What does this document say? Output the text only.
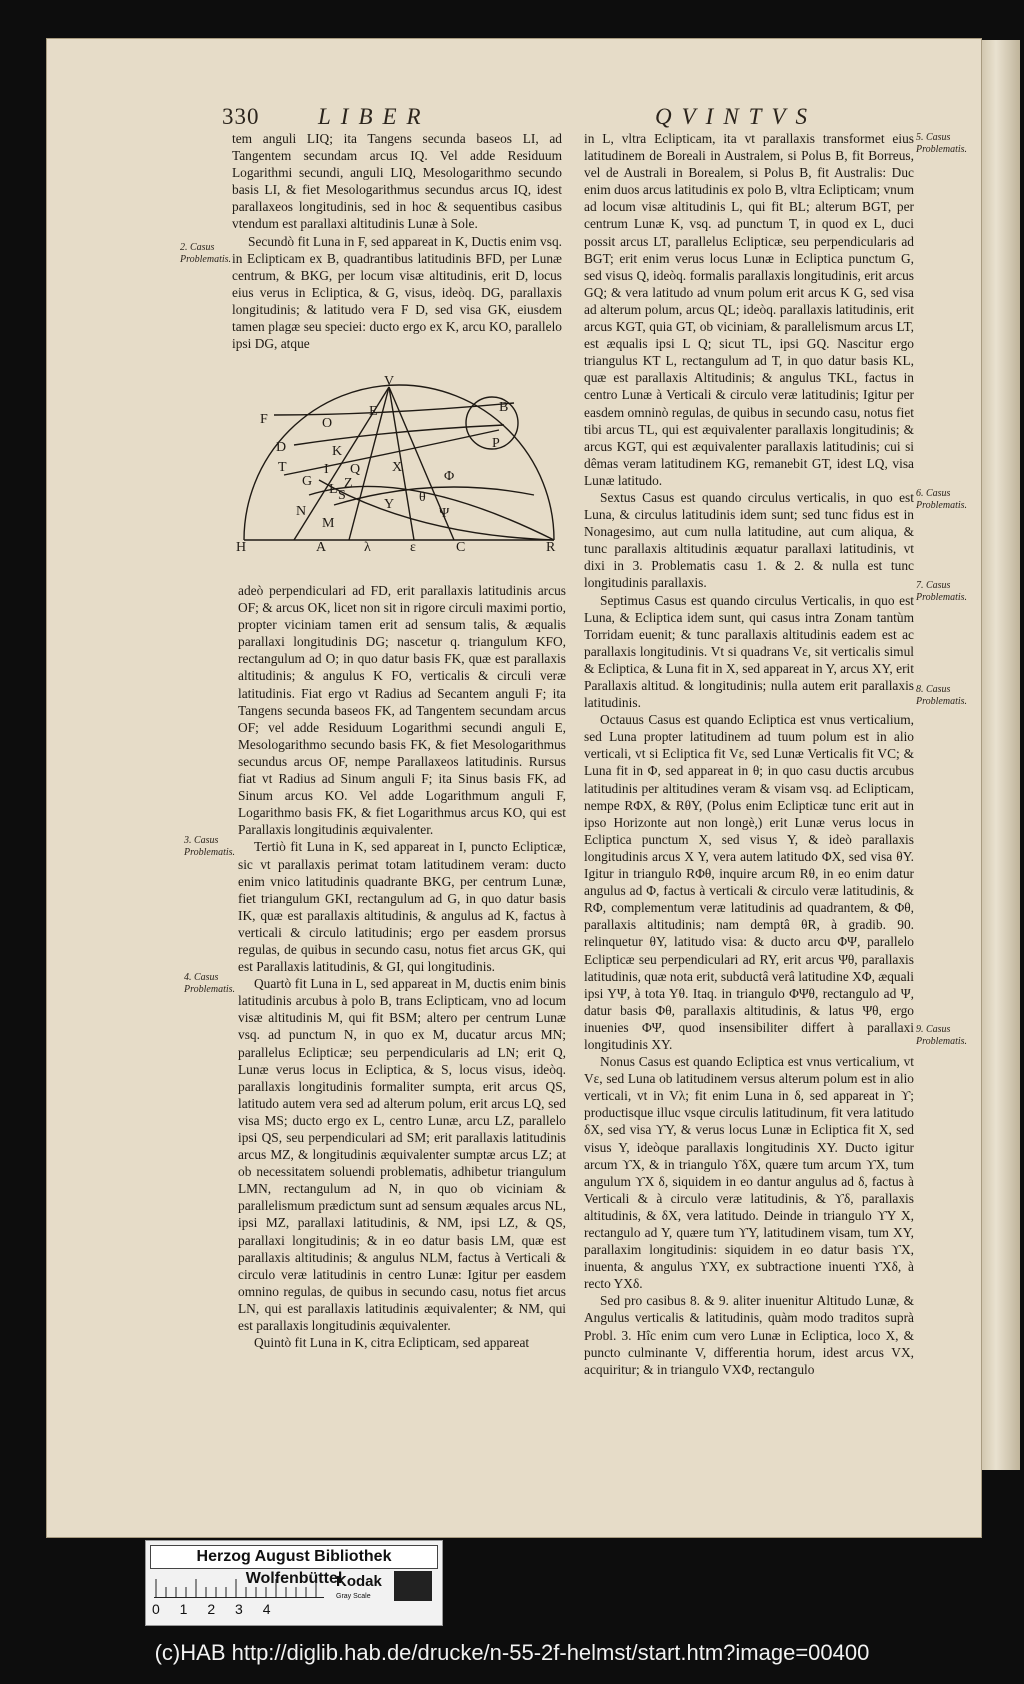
330	LIBER	QVINTVS

tem anguli LIQ; ita Tangens secunda baseos LI, ad Tangentem secundam arcus IQ. Vel adde Residuum Logarithmi secundi, anguli LIQ, Mesologarithmo secundo basis LI, & fiet Mesologarithmus secundus arcus IQ, idest parallaxeos longitudinis, sed in hoc & sequentibus casibus vtendum est parallaxi altitudinis Lunæ à Sole.

Secundò fit Luna in F, sed appareat in K, Ductis enim vsq. in Eclipticam ex B, quadrantibus latitudinis BFD, per Lunæ centrum, & BKG, per locum visæ altitudinis, erit D, locus eius verus in Ecliptica, & G, visus, ideòq. DG, parallaxis longitudinis; & latitudo vera F D, sed visa GK, eiusdem tamen plagæ seu speciei: ducto ergo ex K, arcu KO, parallelo ipsi DG, atque

V
B
F	O
E
D	K
P
T	I
G
X
Q
Z
L
N
M
S
Y
Φ
Ψ
θ
H	A	λ	ε	C	R

adeò perpendiculari ad FD, erit parallaxis latitudinis arcus OF; & arcus OK, licet non sit in rigore circuli maximi portio, propter viciniam tamen erit ad sensum talis, & æqualis parallaxi longitudinis DG; nascetur q. triangulum KFO, rectangulum ad O; in quo datur basis FK, quæ est parallaxis altitudinis; & angulus K FO, verticalis & circuli veræ latitudinis. Fiat ergo vt Radius ad Secantem anguli F; ita Tangens secunda baseos FK, ad Tangentem secundam arcus OF; vel adde Residuum Logarithmi secundi anguli E, Mesologarithmo secundo basis FK, & fiet Mesologarithmus secundus arcus OF, nempe Parallaxeos latitudinis. Rursus fiat vt Radius ad Sinum anguli F; ita Sinus basis FK, ad Sinum arcus KO. Vel adde Logarithmum anguli F, Logarithmo basis FK, & fiet Logarithmus arcus KO, qui est Parallaxis longitudinis æquivalenter.

Tertiò fit Luna in K, sed appareat in I, puncto Eclipticæ, sic vt parallaxis perimat totam latitudinem veram: ducto enim vnico latitudinis quadrante BKG, per centrum Lunæ, fiet triangulum GKI, rectangulum ad G, in quo datur basis IK, quæ est parallaxis altitudinis, & angulus ad K, factus à verticali & circulo latitudinis; ergo per easdem prorsus regulas, de quibus in secundo casu, notus fiet arcus GK, qui est Parallaxis latitudinis, & GI, qui longitudinis.

Quartò fit Luna in L, sed appareat in M, ductis enim binis latitudinis arcubus à polo B, trans Eclipticam, vno ad locum visæ altitudinis M, qui fit BSM; altero per centrum Lunæ vsq. ad punctum N, in quo ex M, ducatur arcus MN; parallelus Eclipticæ; seu perpendicularis ad LN; erit Q, Lunæ verus locus in Ecliptica, & S, locus visus, ideòq. parallaxis longitudinis formaliter sumpta, erit arcus QS, latitudo autem vera sed ad alterum polum, erit arcus LQ, sed visa MS; ducto ergo ex L, centro Lunæ, arcu LZ, parallelo ipsi QS, seu perpendiculari ad SM; erit parallaxis latitudinis arcus MZ, & longitudinis æquivalenter sumptæ arcus LZ; at ob necessitatem soluendi problematis, adhibetur triangulum LMN, rectangulum ad N, in quo ob viciniam & parallelismum prædictum sunt ad sensum æquales arcus NL, ipsi MZ, parallaxi latitudinis, & NM, ipsi LZ, & QS, parallaxi longitudinis; & in eo datur basis LM, quæ est parallaxis altitudinis; & angulus NLM, factus à Verticali & circulo veræ latitudinis in centro Lunæ: Igitur per easdem omnino regulas, de quibus in secundo casu, notus fiet arcus LN, qui est parallaxis latitudinis æquivalenter; & NM, qui est parallaxis longitudinis æquivalenter.

Quintò fit Luna in K, citra Eclipticam, sed appareat

2. Casus Problematis.
3. Casus Problematis.
4. Casus Problematis.

in L, vltra Eclipticam, ita vt parallaxis transformet eius latitudinem de Boreali in Australem, si Polus B, fit Borreus, vel de Australi in Borealem, si Polus B, fit Australis: Duc enim duos arcus latitudinis ex polo B, vltra Eclipticam; vnum ad locum visæ altitudinis L, qui fit BL; alterum BGT, per centrum Lunæ K, vsq. ad punctum T, in quod ex L, duci possit arcus LT, parallelus Eclipticæ, seu perpendicularis ad BGT; erit enim verus locus Lunæ in Ecliptica punctum G, sed visus Q, ideòq. formalis parallaxis longitudinis, erit arcus GQ; & vera latitudo ad vnum polum erit arcus K G, sed visa ad alterum polum, arcus QL; ideòq. parallaxis latitudinis, erit arcus KGT, quia GT, ob viciniam, & parallelismum arcus LT, est æqualis ipsi L Q; sicut TL, ipsi GQ. Nascitur ergo triangulus KT L, rectangulum ad T, in quo datur basis KL, quæ est parallaxis Altitudinis; & angulus TKL, factus in centro Lunæ à Verticali & circulo veræ latitudinis; Igitur per easdem omninò regulas, de quibus in secundo casu, notus fiet tibi arcus TL, qui est æquivalenter parallaxis longitudinis; & arcus KGT, qui est æquivalenter parallaxis latitudinis; cui si dêmas veram latitudinem KG, remanebit GT, idest LQ, visa Lunæ latitudo.

Sextus Casus est quando circulus verticalis, in quo est Luna, & circulus latitudinis idem sunt; sed tunc fidus est in Nonagesimo, aut cum nulla latitudine, aut cum aliqua, & tunc parallaxis altitudinis æquatur parallaxi latitudinis, vt dixi in 3. Problematis casu 1. & 2. & nulla est tunc longitudinis parallaxis.

Septimus Casus est quando circulus Verticalis, in quo est Luna, & Ecliptica idem sunt, qui casus intra Zonam tantùm Torridam euenit; & tunc parallaxis altitudinis eadem est ac parallaxis longitudinis. Vt si quadrans Vε, sit verticalis simul & Ecliptica, & Luna fit in X, sed appareat in Y, arcus XY, erit Parallaxis altitud. & longitudinis; nulla autem erit parallaxis latitudinis.

Octauus Casus est quando Ecliptica est vnus verticalium, sed Luna propter latitudinem ad tuum polum est in alio verticali, vt si Ecliptica fit Vε, sed Lunæ Verticalis fit VC; & Luna fit in Φ, sed appareat in θ; in quo casu ductis arcubus latitudinis per altitudines veram & visam vsq. ad Eclipticam, nempe RΦX, & RθY, (Polus enim Eclipticæ tunc erit aut in ipso Horizonte aut non longè,) erit Lunæ verus locus in Ecliptica punctum X, sed visus Y, & ideò parallaxis longitudinis arcus X Y, vera autem latitudo ΦX, sed visa θY. Igitur in triangulo RΦθ, inquire arcum Rθ, in eo enim datur angulus ad Φ, factus à verticali & circulo veræ latitudinis, & RΦ, complementum veræ latitudinis ad quadrantem, & Φθ, parallaxis altitudinis; nam demptâ θR, à gradib. 90. relinquetur θY, latitudo visa: & ducto arcu ΦΨ, parallelo Eclipticæ seu perpendiculari ad RY, erit arcus Ψθ, parallaxis latitudinis, quæ nota erit, subductâ verâ latitudine XΦ, æquali ipsi YΨ, à tota Yθ. Itaq. in triangulo ΦΨθ, rectangulo ad Ψ, datur basis Φθ, parallaxis altitudinis, & latus Ψθ, ergo inuenies ΦΨ, quod insensibiliter differt à parallaxi longitudinis XY.

Nonus Casus est quando Ecliptica est vnus verticalium, vt Vε, sed Luna ob latitudinem versus alterum polum est in alio verticali, vt in Vλ; fit enim Luna in δ, sed appareat in ϒ; productisque illuc vsque circulis latitudinum, fit vera latitudo δX, sed visa ϒY, & verus locus Lunæ in Ecliptica fit X, sed visus Y, ideòque parallaxis longitudinis XY. Ducto igitur arcum ϒX, & in triangulo ϒδX, quære tum arcum ϒX, tum angulum ϒX δ, siquidem in eo dantur angulus ad δ, factus à Verticali & à circulo veræ latitudinis, & ϒδ, parallaxis altitudinis, & δX, vera latitudo. Deinde in triangulo ϒY X, rectangulo ad Y, quære tum ϒY, latitudinem visam, tum XY, parallaxim longitudinis: siquidem in eo datur basis ϒX, inuenta, & angulus ϒXY, ex subtractione inuenti ϒXδ, à recto YXδ.

Sed pro casibus 8. & 9. aliter inuenitur Altitudo Lunæ, & Angulus verticalis & latitudinis, quàm modo traditos suprà Probl. 3. Hîc enim cum vero Lunæ in Ecliptica, loco X, & puncto culminante V, differentia horum, idest arcus VX, acquiritur; & in triangulo VXΦ, rectangulo

5. Casus Problematis.
6. Casus Problematis.
7. Casus Problematis.
8. Casus Problematis.
9. Casus Problematis.
Herzog August Bibliothek Wolfenbüttel
Kodak
Gray Scale
0 1 2 3 4
(c)HAB http://diglib.hab.de/drucke/n-55-2f-helmst/start.htm?image=00400
